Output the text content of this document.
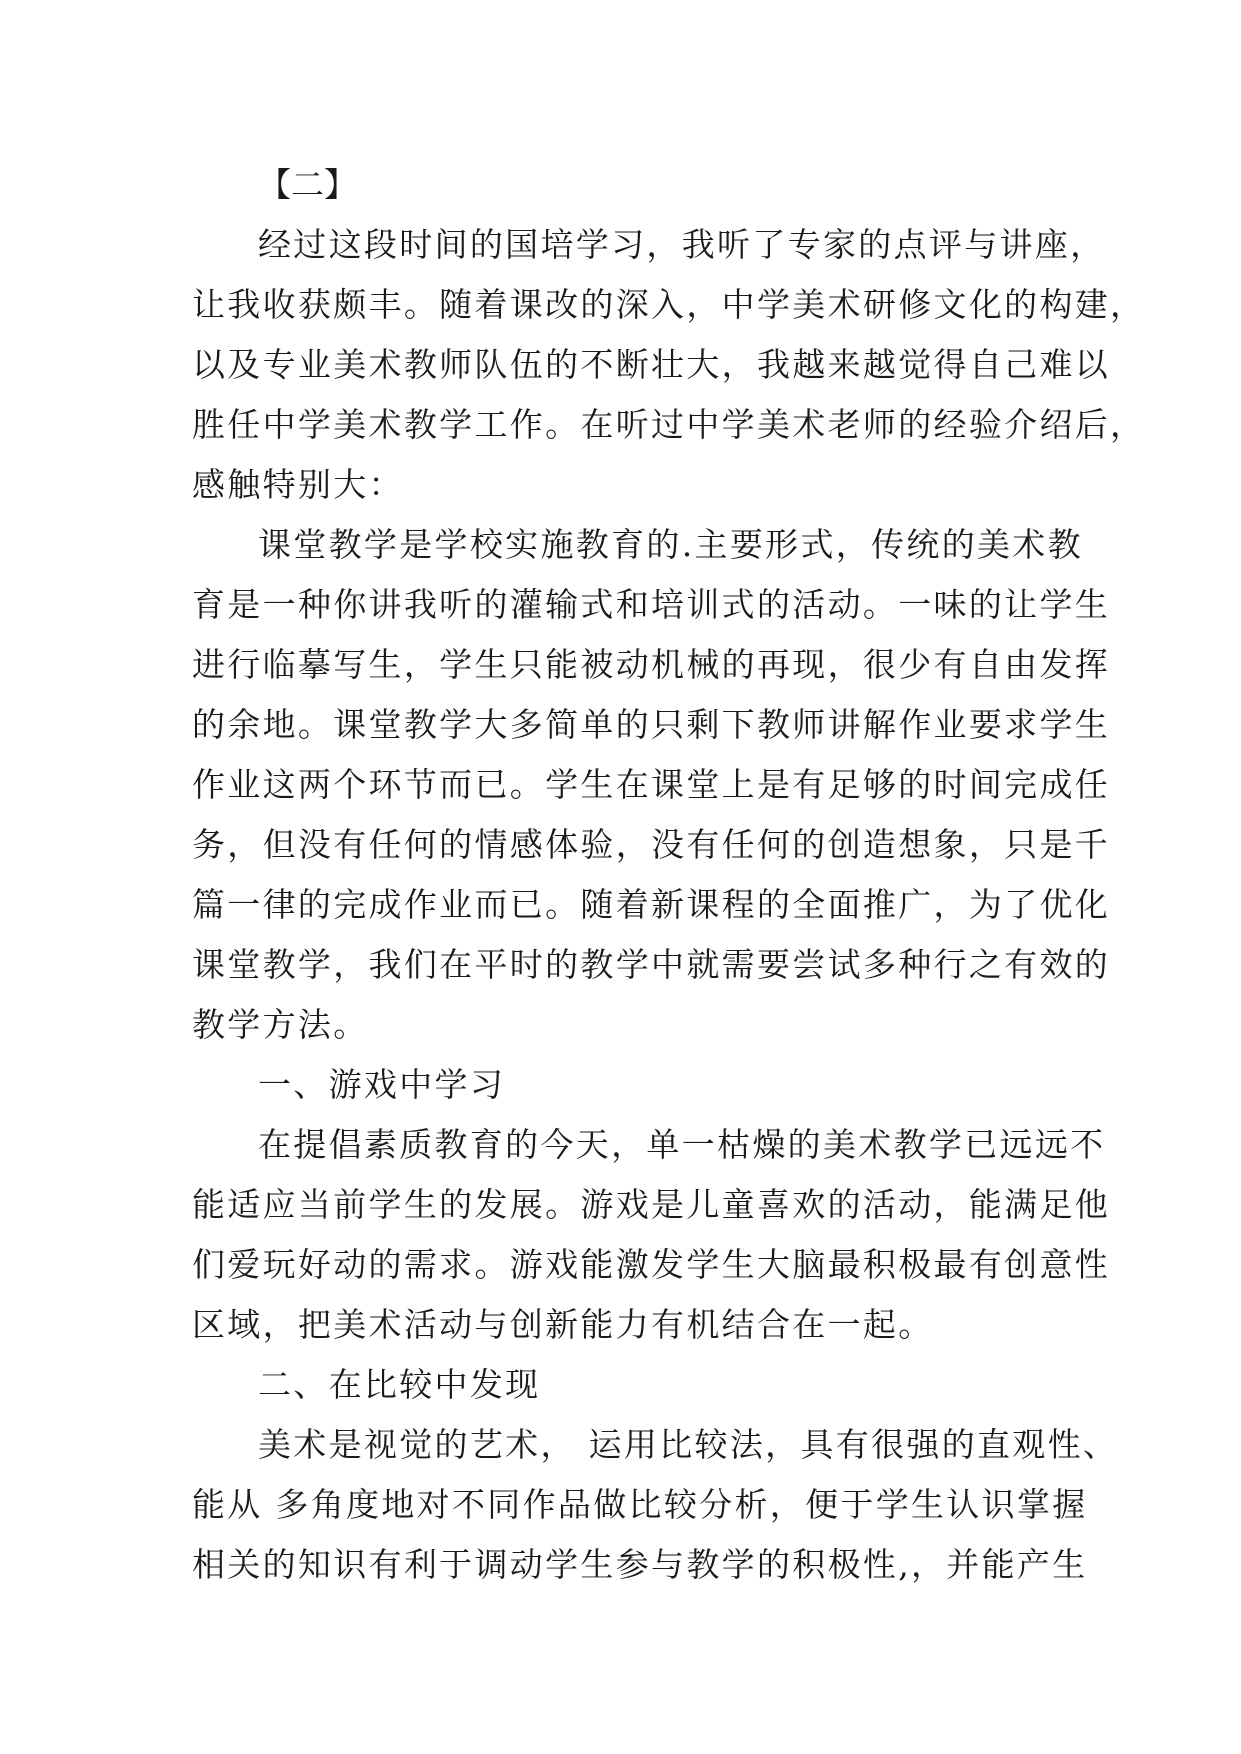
【二】
经过这段时间的国培学习，我听了专家的点评与讲座，
让我收获颇丰。随着课改的深入，中学美术研修文化的构建，
以及专业美术教师队伍的不断壮大，我越来越觉得自己难以
胜任中学美术教学工作。在听过中学美术老师的经验介绍后，
感触特别大：
课堂教学是学校实施教育的.主要形式，传统的美术教
育是一种你讲我听的灌输式和培训式的活动。一味的让学生
进行临摹写生，学生只能被动机械的再现，很少有自由发挥
的余地。课堂教学大多简单的只剩下教师讲解作业要求学生
作业这两个环节而已。学生在课堂上是有足够的时间完成任
务，但没有任何的情感体验，没有任何的创造想象，只是千
篇一律的完成作业而已。随着新课程的全面推广，为了优化
课堂教学，我们在平时的教学中就需要尝试多种行之有效的
教学方法。
一、游戏中学习
在提倡素质教育的今天，单一枯燥的美术教学已远远不
能适应当前学生的发展。游戏是儿童喜欢的活动，能满足他
们爱玩好动的需求。游戏能激发学生大脑最积极最有创意性
区域，把美术活动与创新能力有机结合在一起。
二、在比较中发现
美术是视觉的艺术， 运用比较法，具有很强的直观性、
能从 多角度地对不同作品做比较分析，便于学生认识掌握
相关的知识有利于调动学生参与教学的积极性,，并能产生
